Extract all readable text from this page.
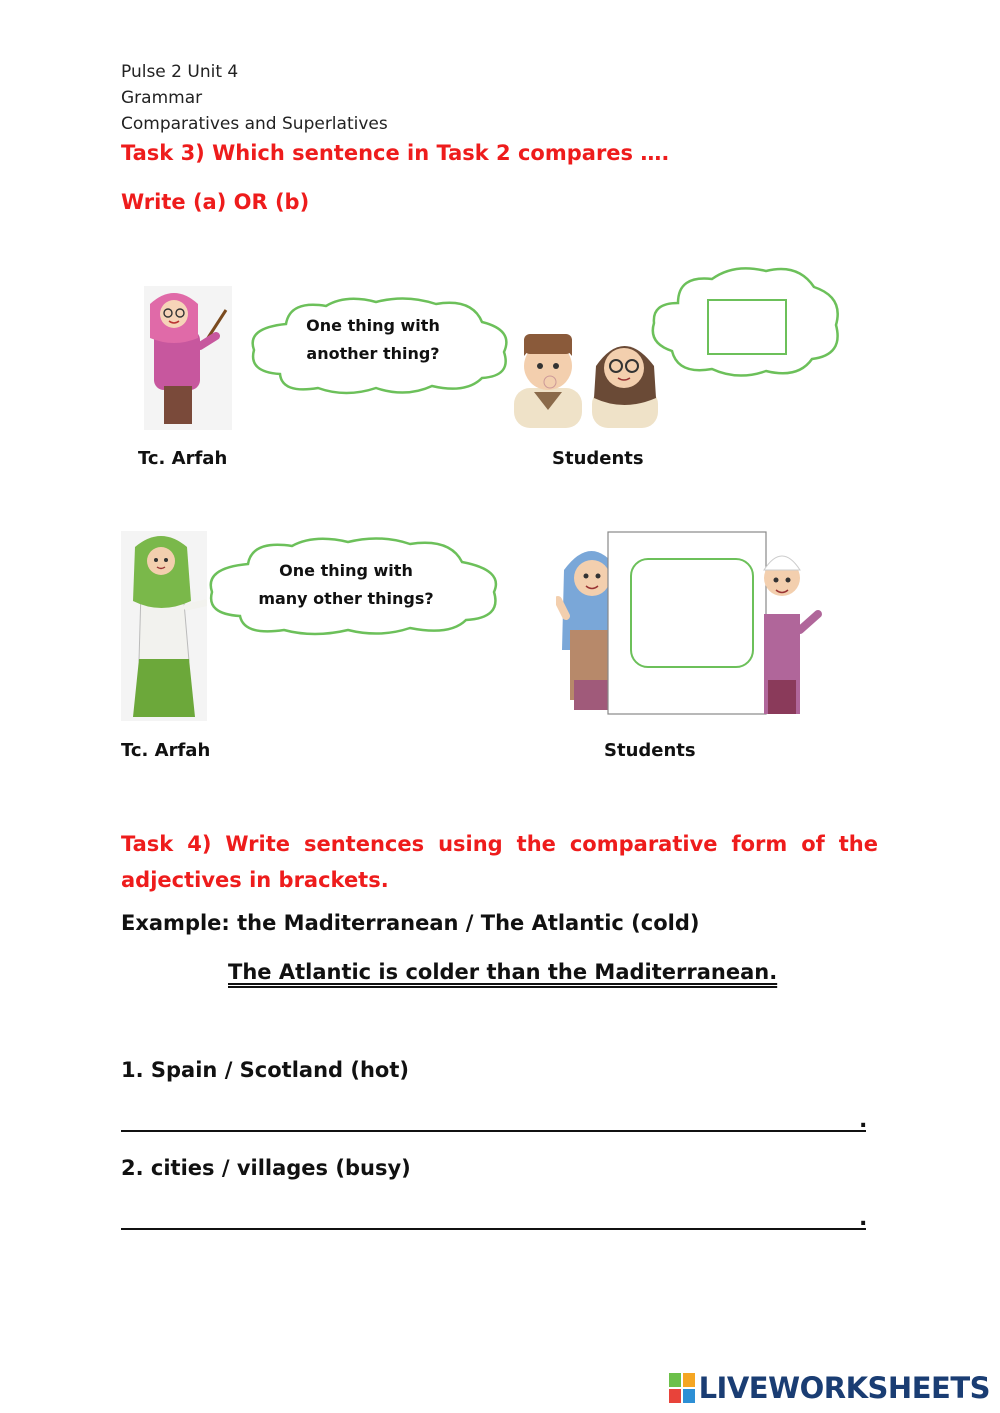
Pulse 2 Unit 4
Grammar
Comparatives and Superlatives
Task 3) Which sentence in Task 2 compares ….
Write (a) OR (b)
One thing with
another thing?
Tc. Arfah	Students
One thing with
many other things?
Tc. Arfah	Students
Task 4) Write sentences using the comparative form of the adjectives in brackets.
Example: the Maditerranean / The Atlantic (cold)
The Atlantic is colder than the Maditerranean.
1. Spain / Scotland (hot)
.
2. cities / villages (busy)
.
LIVEWORKSHEETS
